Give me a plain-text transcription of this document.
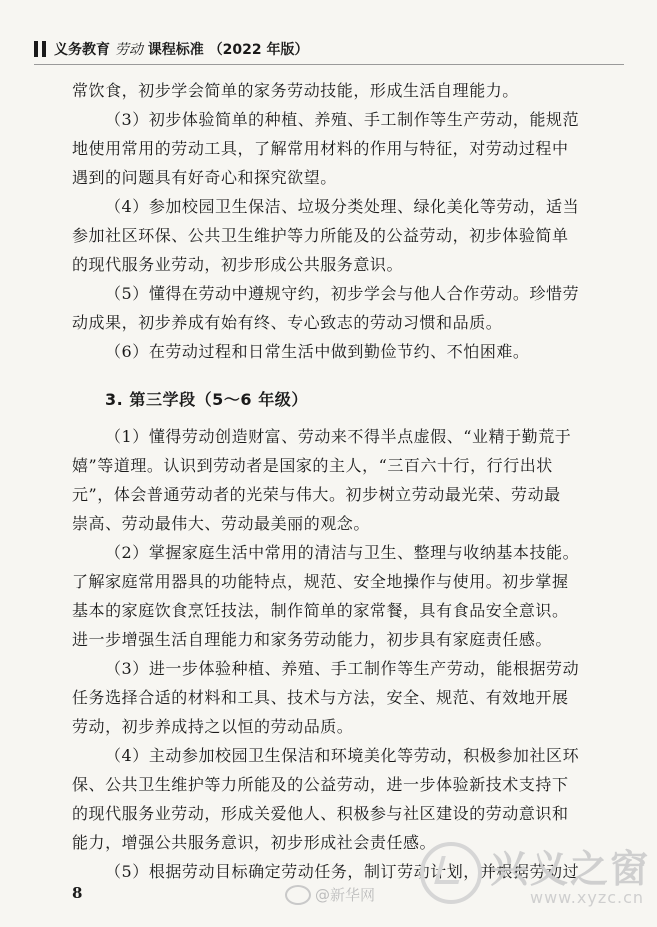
义务教育 劳动 课程标准 （2022 年版）
常饮食，初步学会简单的家务劳动技能，形成生活自理能力。
（3）初步体验简单的种植、养殖、手工制作等生产劳动，能规范
地使用常用的劳动工具，了解常用材料的作用与特征，对劳动过程中
遇到的问题具有好奇心和探究欲望。
（4）参加校园卫生保洁、垃圾分类处理、绿化美化等劳动，适当
参加社区环保、公共卫生维护等力所能及的公益劳动，初步体验简单
的现代服务业劳动，初步形成公共服务意识。
（5）懂得在劳动中遵规守约，初步学会与他人合作劳动。珍惜劳
动成果，初步养成有始有终、专心致志的劳动习惯和品质。
（6）在劳动过程和日常生活中做到勤俭节约、不怕困难。
3. 第三学段（5～6 年级）
（1）懂得劳动创造财富、劳动来不得半点虚假、“业精于勤荒于
嬉”等道理。认识到劳动者是国家的主人，“三百六十行，行行出状
元”，体会普通劳动者的光荣与伟大。初步树立劳动最光荣、劳动最
崇高、劳动最伟大、劳动最美丽的观念。
（2）掌握家庭生活中常用的清洁与卫生、整理与收纳基本技能。
了解家庭常用器具的功能特点，规范、安全地操作与使用。初步掌握
基本的家庭饮食烹饪技法，制作简单的家常餐，具有食品安全意识。
进一步增强生活自理能力和家务劳动能力，初步具有家庭责任感。
（3）进一步体验种植、养殖、手工制作等生产劳动，能根据劳动
任务选择合适的材料和工具、技术与方法，安全、规范、有效地开展
劳动，初步养成持之以恒的劳动品质。
（4）主动参加校园卫生保洁和环境美化等劳动，积极参加社区环
保、公共卫生维护等力所能及的公益劳动，进一步体验新技术支持下
的现代服务业劳动，形成关爱他人、积极参与社区建设的劳动意识和
能力，增强公共服务意识，初步形成社会责任感。
（5）根据劳动目标确定劳动任务，制订劳动计划，并根据劳动过
8	@新华网
兴义之窗
www.xyzc.cn
